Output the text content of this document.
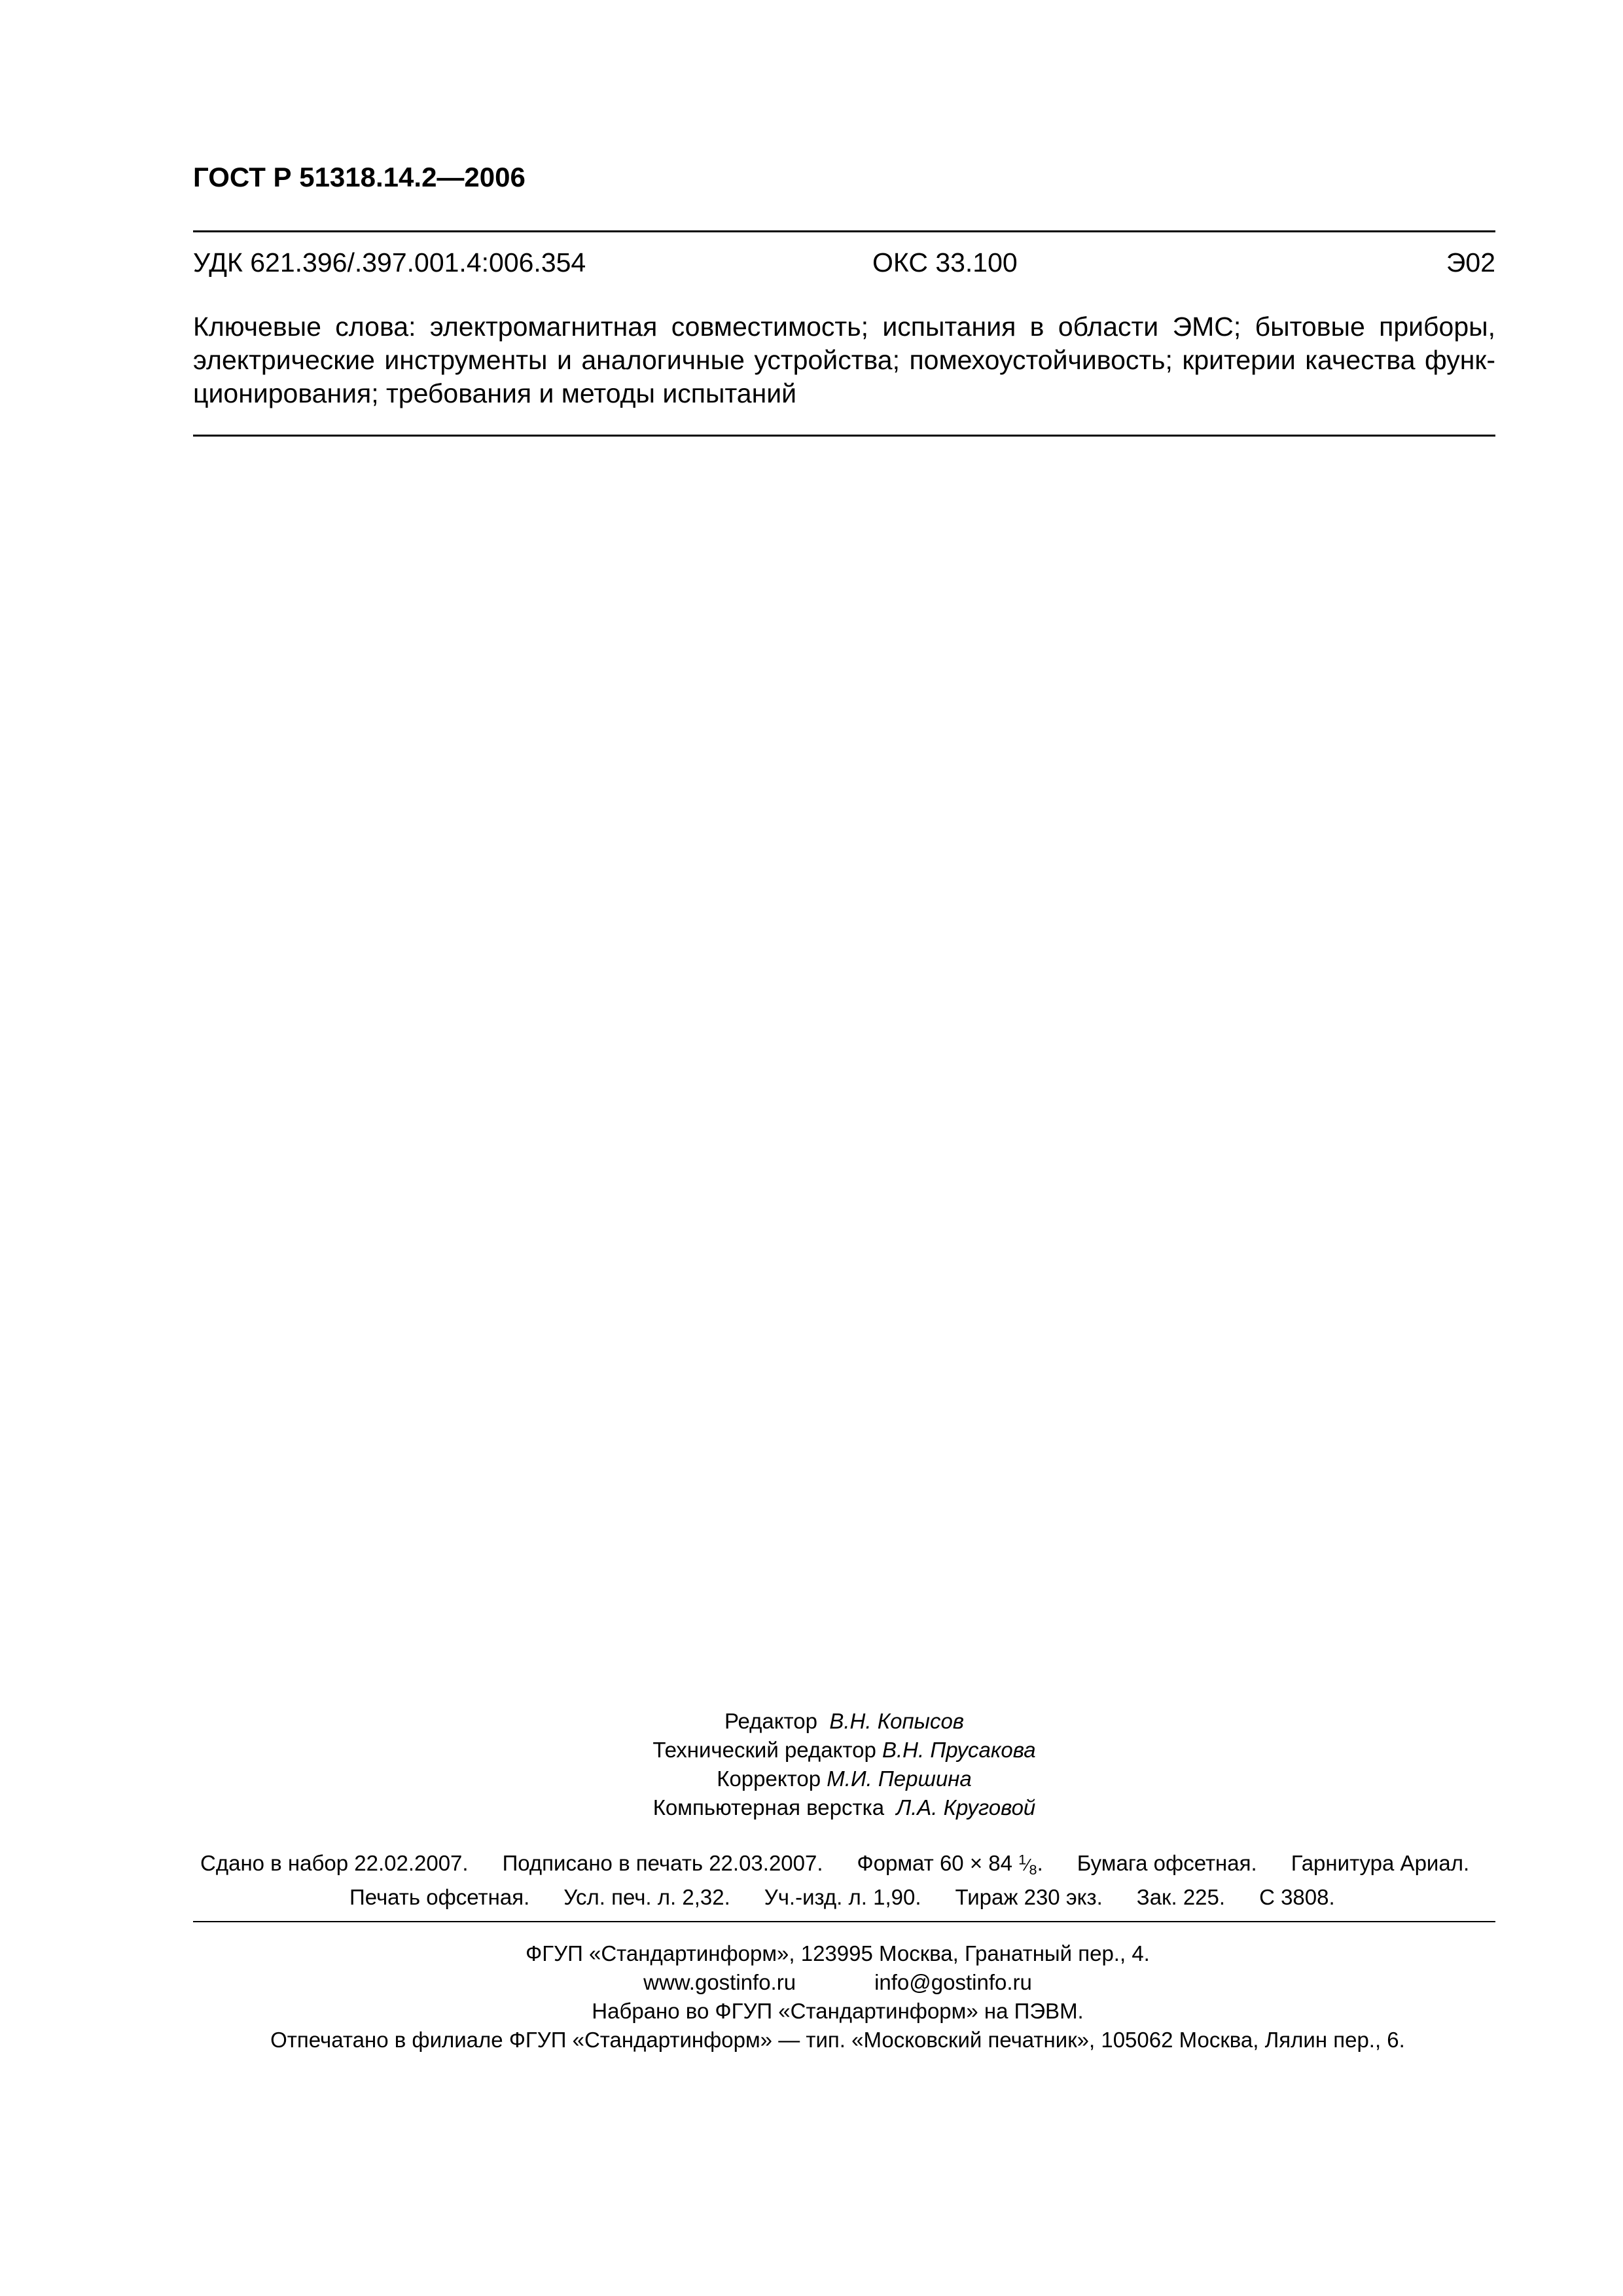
ГОСТ Р 51318.14.2—2006
УДК 621.396/.397.001.4:006.354	ОКС 33.100	Э02
Ключевые слова: электромагнитная совместимость; испытания в области ЭМС; бытовые приборы,
электрические инструменты и аналогичные устройства; помехоустойчивость; критерии качества функ-
ционирования; требования и методы испытаний
Редактор В.Н. Копысов
Технический редактор В.Н. Прусакова
Корректор М.И. Першина
Компьютерная верстка Л.А. Круговой
Сдано в набор 22.02.2007. Подписано в печать 22.03.2007. Формат 60 × 84 $^1⁄_8$. Бумага офсетная. Гарнитура Ариал.
Печать офсетная. Усл. печ. л. 2,32. Уч.-изд. л. 1,90. Тираж 230 экз. Зак. 225. С 3808.
ФГУП «Стандартинформ», 123995 Москва, Гранатный пер., 4.
www.gostinfo.ru	info@gostinfo.ru
Набрано во ФГУП «Стандартинформ» на ПЭВМ.
Отпечатано в филиале ФГУП «Стандартинформ» — тип. «Московский печатник», 105062 Москва, Лялин пер., 6.
